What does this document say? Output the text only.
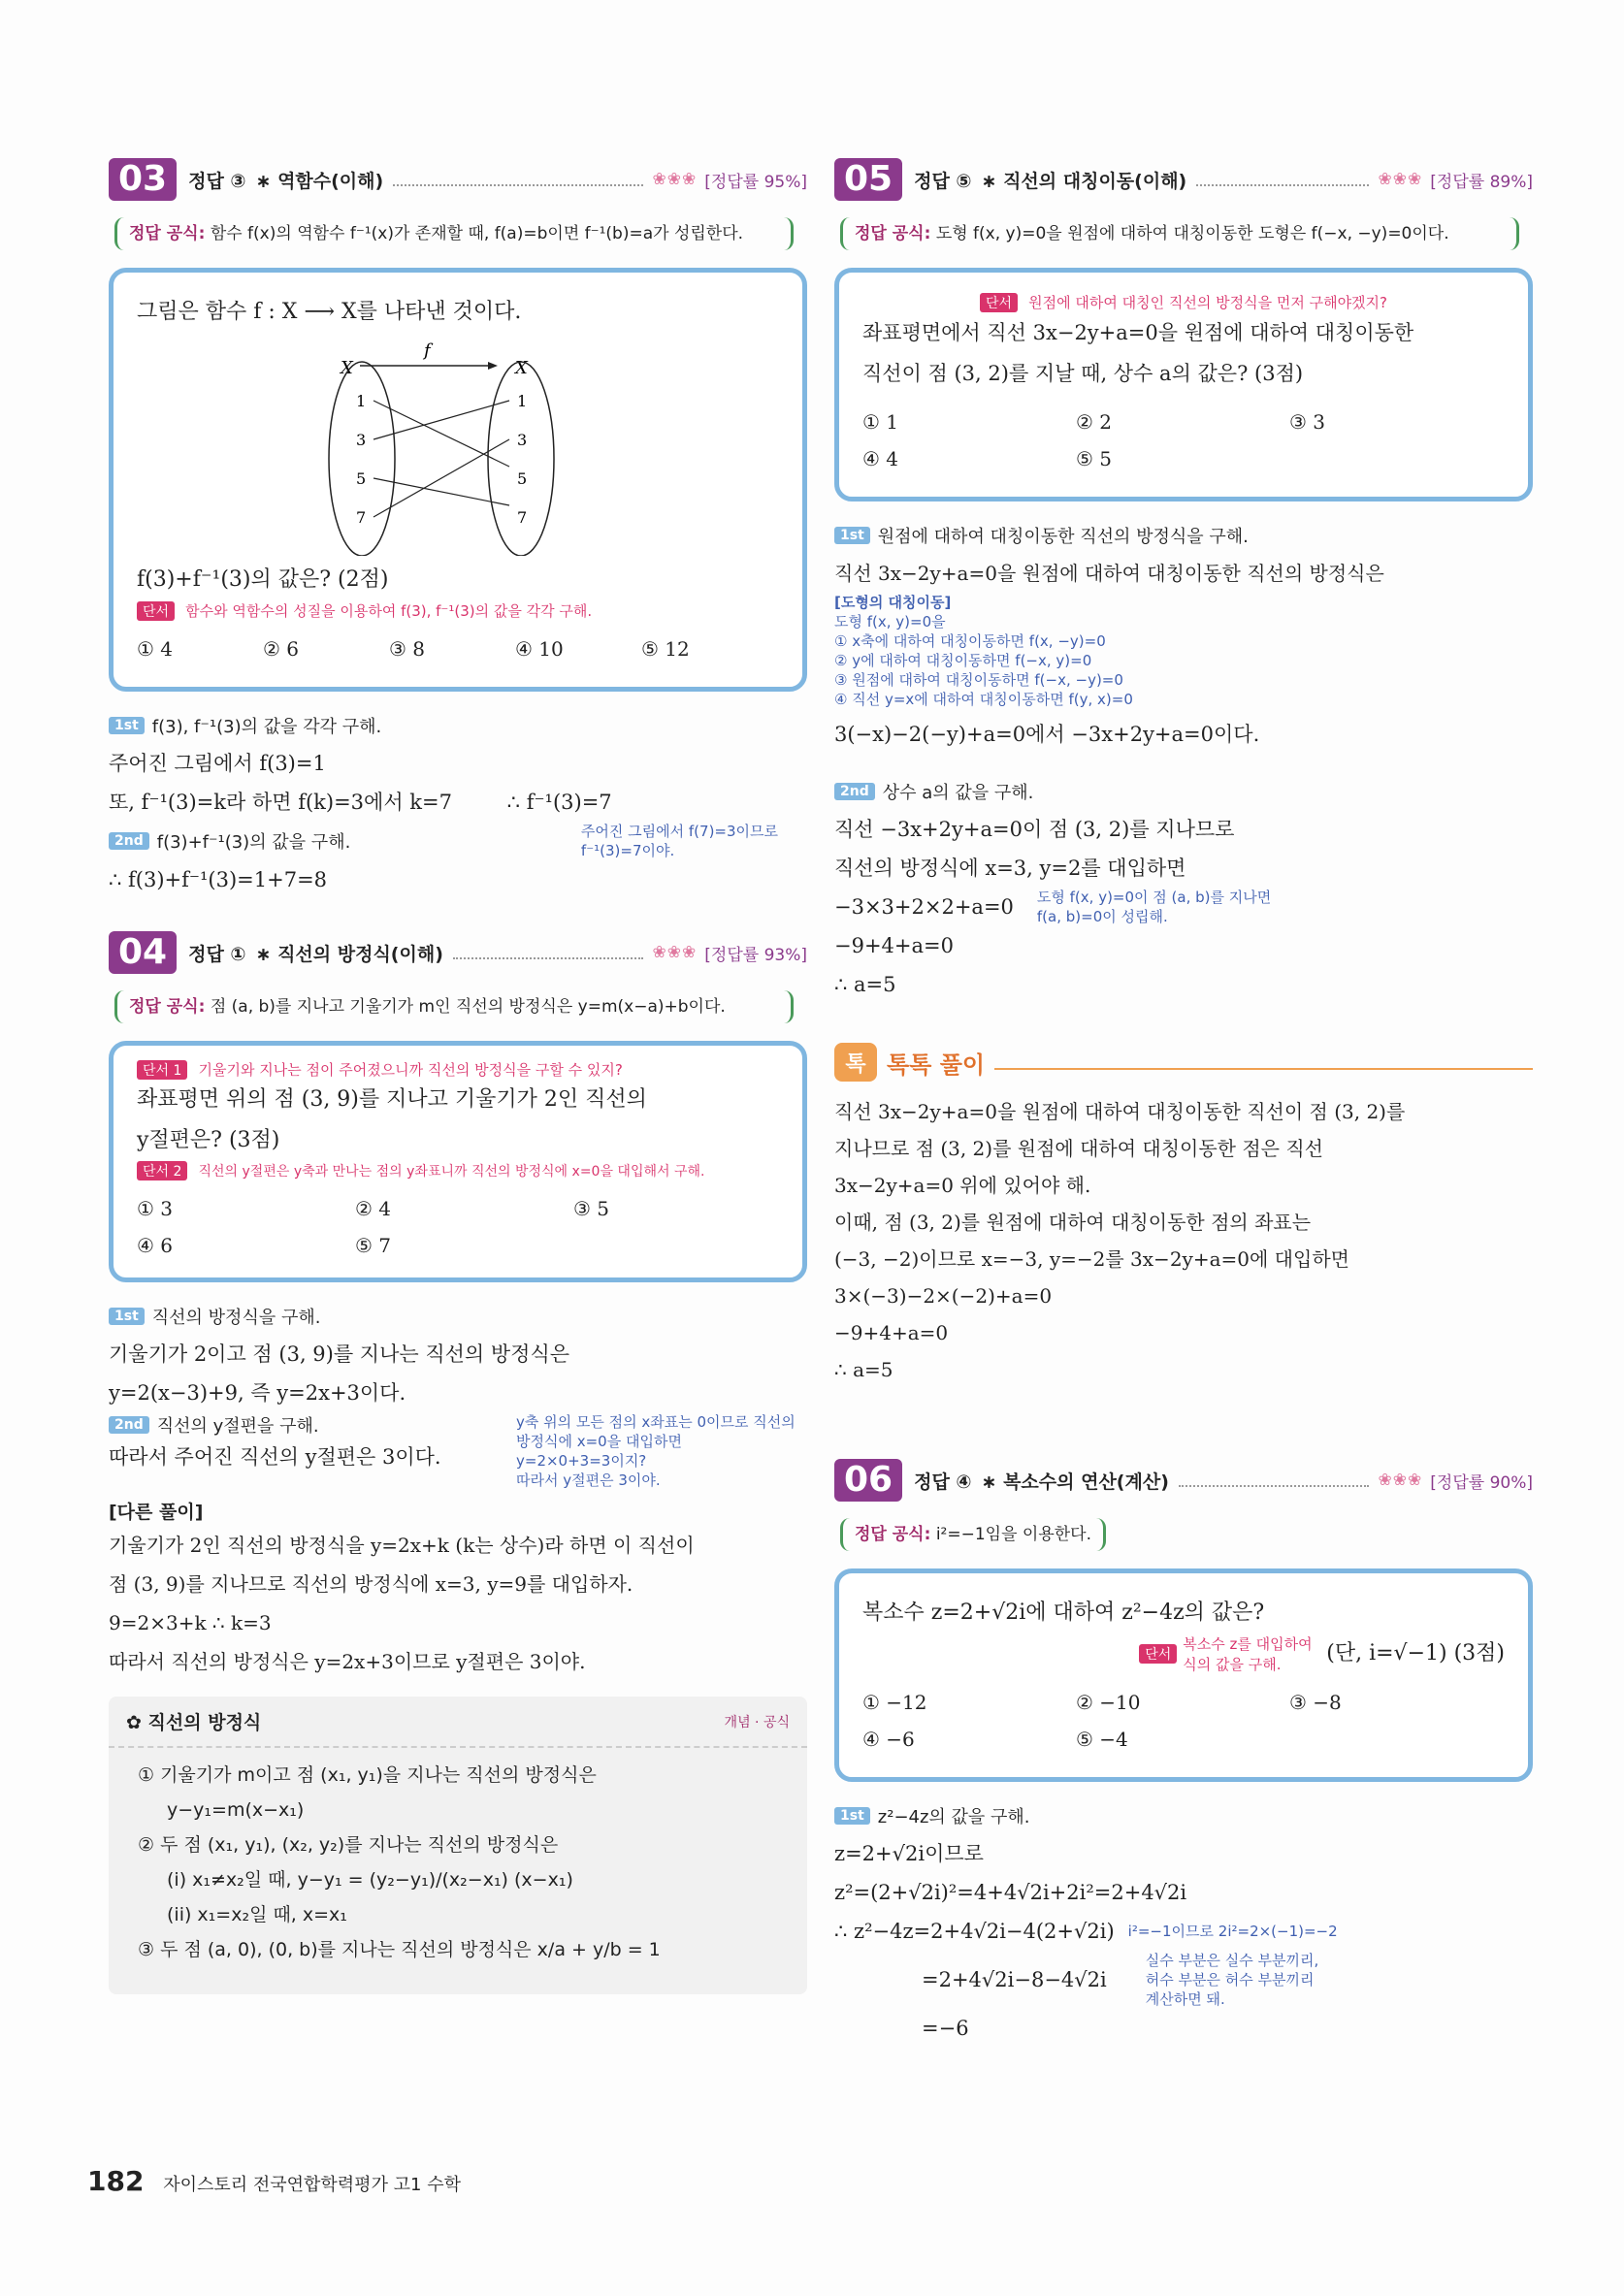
03	정답 ③ ∗ 역함수(이해)	❀❀❀ [정답률 95%]
정답 공식: 함수 f(x)의 역함수 f⁻¹(x)가 존재할 때, f(a)=b이면 f⁻¹(b)=a가 성립한다.
그림은 함수 f : X ⟶ X를 나타낸 것이다.
f
X	X
1
3
5
7
1
3
5
7
f(3)+f⁻¹(3)의 값은? (2점)
단서 함수와 역함수의 성질을 이용하여 f(3), f⁻¹(3)의 값을 각각 구해.
① 4	② 6	③ 8	④ 10	⑤ 12
1st f(3), f⁻¹(3)의 값을 각각 구해.
주어진 그림에서 f(3)=1
또, f⁻¹(3)=k라 하면 f(k)=3에서 k=7	∴ f⁻¹(3)=7
2nd f(3)+f⁻¹(3)의 값을 구해.
주어진 그림에서 f(7)=3이므로
f⁻¹(3)=7이야.
∴ f(3)+f⁻¹(3)=1+7=8
04	정답 ① ∗ 직선의 방정식(이해)	❀❀❀ [정답률 93%]
정답 공식: 점 (a, b)를 지나고 기울기가 m인 직선의 방정식은 y=m(x−a)+b이다.
단서 1 기울기와 지나는 점이 주어졌으니까 직선의 방정식을 구할 수 있지?
좌표평면 위의 점 (3, 9)를 지나고 기울기가 2인 직선의
y절편은? (3점)
단서 2 직선의 y절편은 y축과 만나는 점의 y좌표니까 직선의 방정식에 x=0을 대입해서 구해.
① 3	② 4	③ 5
④ 6	⑤ 7
1st 직선의 방정식을 구해.
기울기가 2이고 점 (3, 9)를 지나는 직선의 방정식은
y=2(x−3)+9, 즉 y=2x+3이다.
2nd 직선의 y절편을 구해.
따라서 주어진 직선의 y절편은 3이다.
y축 위의 모든 점의 x좌표는 0이므로 직선의
방정식에 x=0을 대입하면
y=2×0+3=3이지?
따라서 y절편은 3이야.
[다른 풀이]
기울기가 2인 직선의 방정식을 y=2x+k (k는 상수)라 하면 이 직선이
점 (3, 9)를 지나므로 직선의 방정식에 x=3, y=9를 대입하자.
9=2×3+k ∴ k=3
따라서 직선의 방정식은 y=2x+3이므로 y절편은 3이야.
✿ 직선의 방정식	개념 · 공식
① 기울기가 m이고 점 (x₁, y₁)을 지나는 직선의 방정식은
y−y₁=m(x−x₁)
② 두 점 (x₁, y₁), (x₂, y₂)를 지나는 직선의 방정식은
(i) x₁≠x₂일 때, y−y₁ = (y₂−y₁)/(x₂−x₁) (x−x₁)
(ii) x₁=x₂일 때, x=x₁
③ 두 점 (a, 0), (0, b)를 지나는 직선의 방정식은 x/a + y/b = 1
05	정답 ⑤ ∗ 직선의 대칭이동(이해)	❀❀❀ [정답률 89%]
정답 공식: 도형 f(x, y)=0을 원점에 대하여 대칭이동한 도형은 f(−x, −y)=0이다.
단서 원점에 대하여 대칭인 직선의 방정식을 먼저 구해야겠지?
좌표평면에서 직선 3x−2y+a=0을 원점에 대하여 대칭이동한
직선이 점 (3, 2)를 지날 때, 상수 a의 값은? (3점)
① 1	② 2	③ 3
④ 4	⑤ 5
1st 원점에 대하여 대칭이동한 직선의 방정식을 구해.
직선 3x−2y+a=0을 원점에 대하여 대칭이동한 직선의 방정식은
[도형의 대칭이동]
도형 f(x, y)=0을
① x축에 대하여 대칭이동하면 f(x, −y)=0
② y에 대하여 대칭이동하면 f(−x, y)=0
③ 원점에 대하여 대칭이동하면 f(−x, −y)=0
④ 직선 y=x에 대하여 대칭이동하면 f(y, x)=0
3(−x)−2(−y)+a=0에서 −3x+2y+a=0이다.
2nd 상수 a의 값을 구해.
직선 −3x+2y+a=0이 점 (3, 2)를 지나므로
직선의 방정식에 x=3, y=2를 대입하면
−3×3+2×2+a=0 도형 f(x, y)=0이 점 (a, b)를 지나면
f(a, b)=0이 성립해.
−9+4+a=0
∴ a=5
톡 톡톡 풀이
직선 3x−2y+a=0을 원점에 대하여 대칭이동한 직선이 점 (3, 2)를
지나므로 점 (3, 2)를 원점에 대하여 대칭이동한 점은 직선
3x−2y+a=0 위에 있어야 해.
이때, 점 (3, 2)를 원점에 대하여 대칭이동한 점의 좌표는
(−3, −2)이므로 x=−3, y=−2를 3x−2y+a=0에 대입하면
3×(−3)−2×(−2)+a=0
−9+4+a=0
∴ a=5
06	정답 ④ ∗ 복소수의 연산(계산)	❀❀❀ [정답률 90%]
정답 공식: i²=−1임을 이용한다.
복소수 z=2+√2i에 대하여 z²−4z의 값은?
단서
복소수 z를 대입하여 식의 값을 구해.	(단, i=√−1) (3점)
① −12	② −10	③ −8
④ −6	⑤ −4
1st z²−4z의 값을 구해.
z=2+√2i이므로
z²=(2+√2i)²=4+4√2i+2i²=2+4√2i
∴ z²−4z=2+4√2i−4(2+√2i) i²=−1이므로 2i²=2×(−1)=−2
=2+4√2i−8−4√2i
실수 부분은 실수 부분끼리,
허수 부분은 허수 부분끼리
계산하면 돼.
=−6
182 자이스토리 전국연합학력평가 고1 수학
